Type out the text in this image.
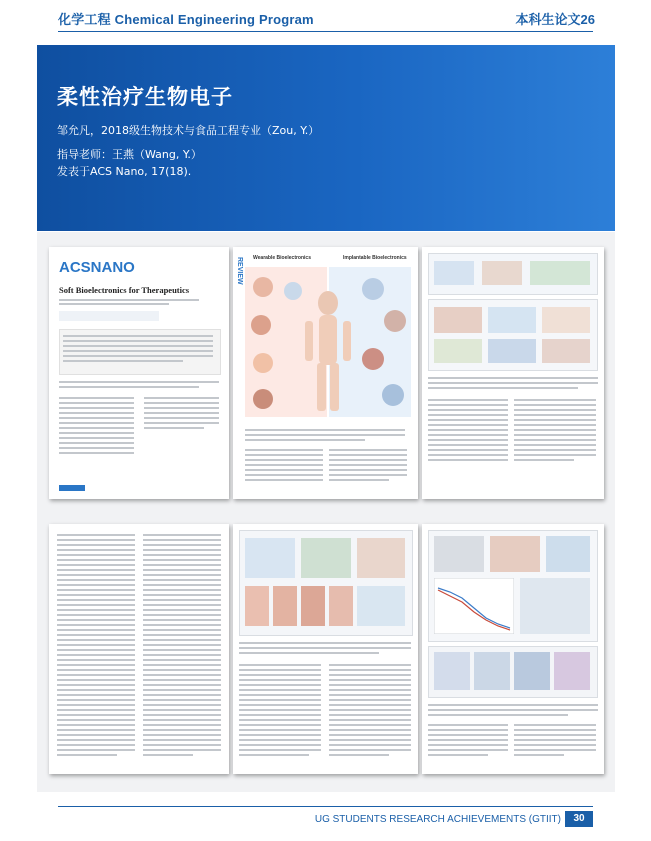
化学工程 Chemical Engineering Program	本科生论文26
柔性治疗生物电子
邹允凡，2018级生物技术与食品工程专业（Zou, Y.）
指导老师：王燕（Wang, Y.）
发表于ACS Nano, 17(18).
ACSNANO
Soft Bioelectronics for Therapeutics
REVIEW Wearable Bioelectronics	Implantable Bioelectronics
UG STUDENTS RESEARCH ACHIEVEMENTS (GTIIT)	30
